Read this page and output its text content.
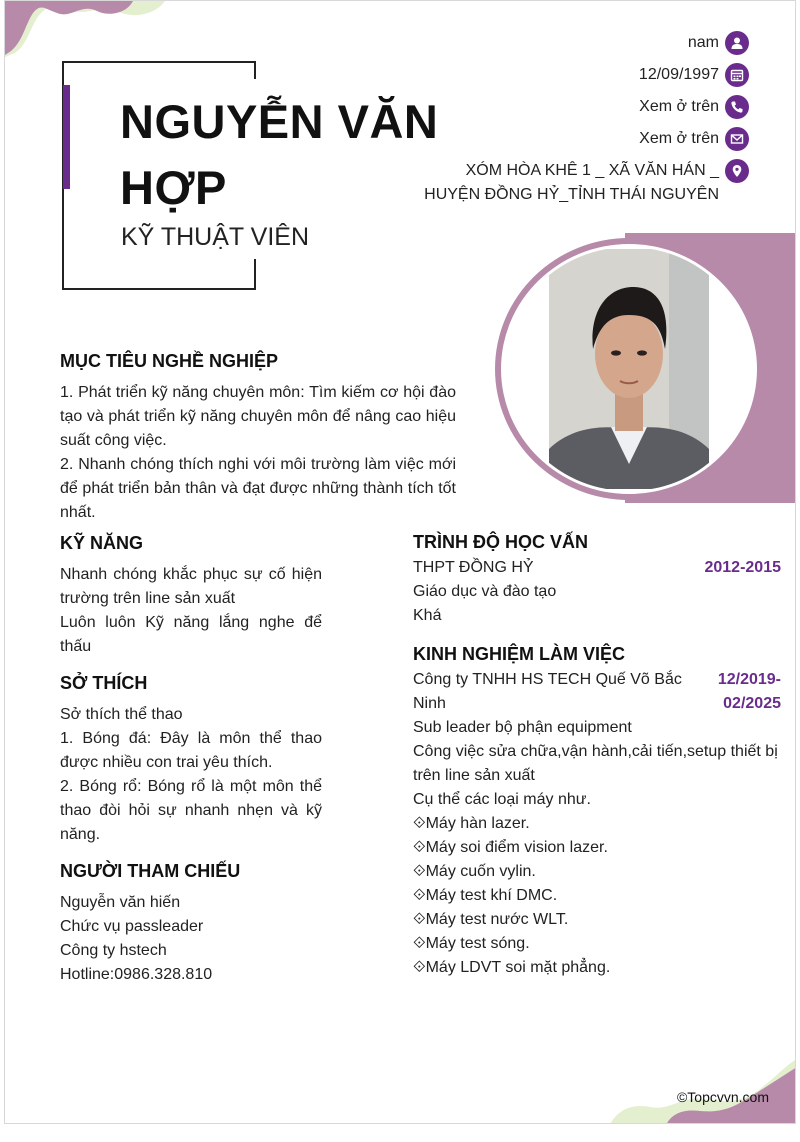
NGUYỄN VĂN HỢP
KỸ THUẬT VIÊN
nam
12/09/1997
Xem ở trên
Xem ở trên
XÓM HÒA KHÊ 1 _ XÃ VĂN HÁN _
HUYỆN ĐỒNG HỶ_TỈNH THÁI NGUYÊN
MỤC TIÊU NGHỀ NGHIỆP

1. Phát triển kỹ năng chuyên môn: Tìm kiếm cơ hội đào tạo và phát triển kỹ năng chuyên môn để nâng cao hiệu suất công việc.

2. Nhanh chóng thích nghi với môi trường làm việc mới để phát triển bản thân và đạt được những thành tích tốt nhất.

KỸ NĂNG

Nhanh chóng khắc phục sự cố hiện trường trên line sản xuất

Luôn luôn Kỹ năng lắng nghe để thấu

SỞ THÍCH

Sở thích thể thao

1. Bóng đá: Đây là môn thể thao được nhiều con trai yêu thích.

2. Bóng rổ: Bóng rổ là một môn thể thao đòi hỏi sự nhanh nhẹn và kỹ năng.

NGƯỜI THAM CHIẾU

Nguyễn văn hiến

Chức vụ passleader

Công ty hstech

Hotline:0986.328.810

TRÌNH ĐỘ HỌC VẤN
THPT ĐỒNG HỶ	2012-2015

Giáo dục và đào tạo

Khá

KINH NGHIỆM LÀM VIỆC
Công ty TNHH HS TECH Quế Võ Bắc
Ninh
12/2019-
02/2025

Sub leader bộ phận equipment

Công việc sửa chữa,vận hành,cải tiến,setup thiết bị trên line sản xuất

Cụ thể các loại máy như.

⟐Máy hàn lazer.

⟐Máy soi điểm vision lazer.

⟐Máy cuốn vylin.

⟐Máy test khí DMC.

⟐Máy test nước WLT.

⟐Máy test sóng.

⟐Máy LDVT soi mặt phẳng.

©Topcvvn.com
